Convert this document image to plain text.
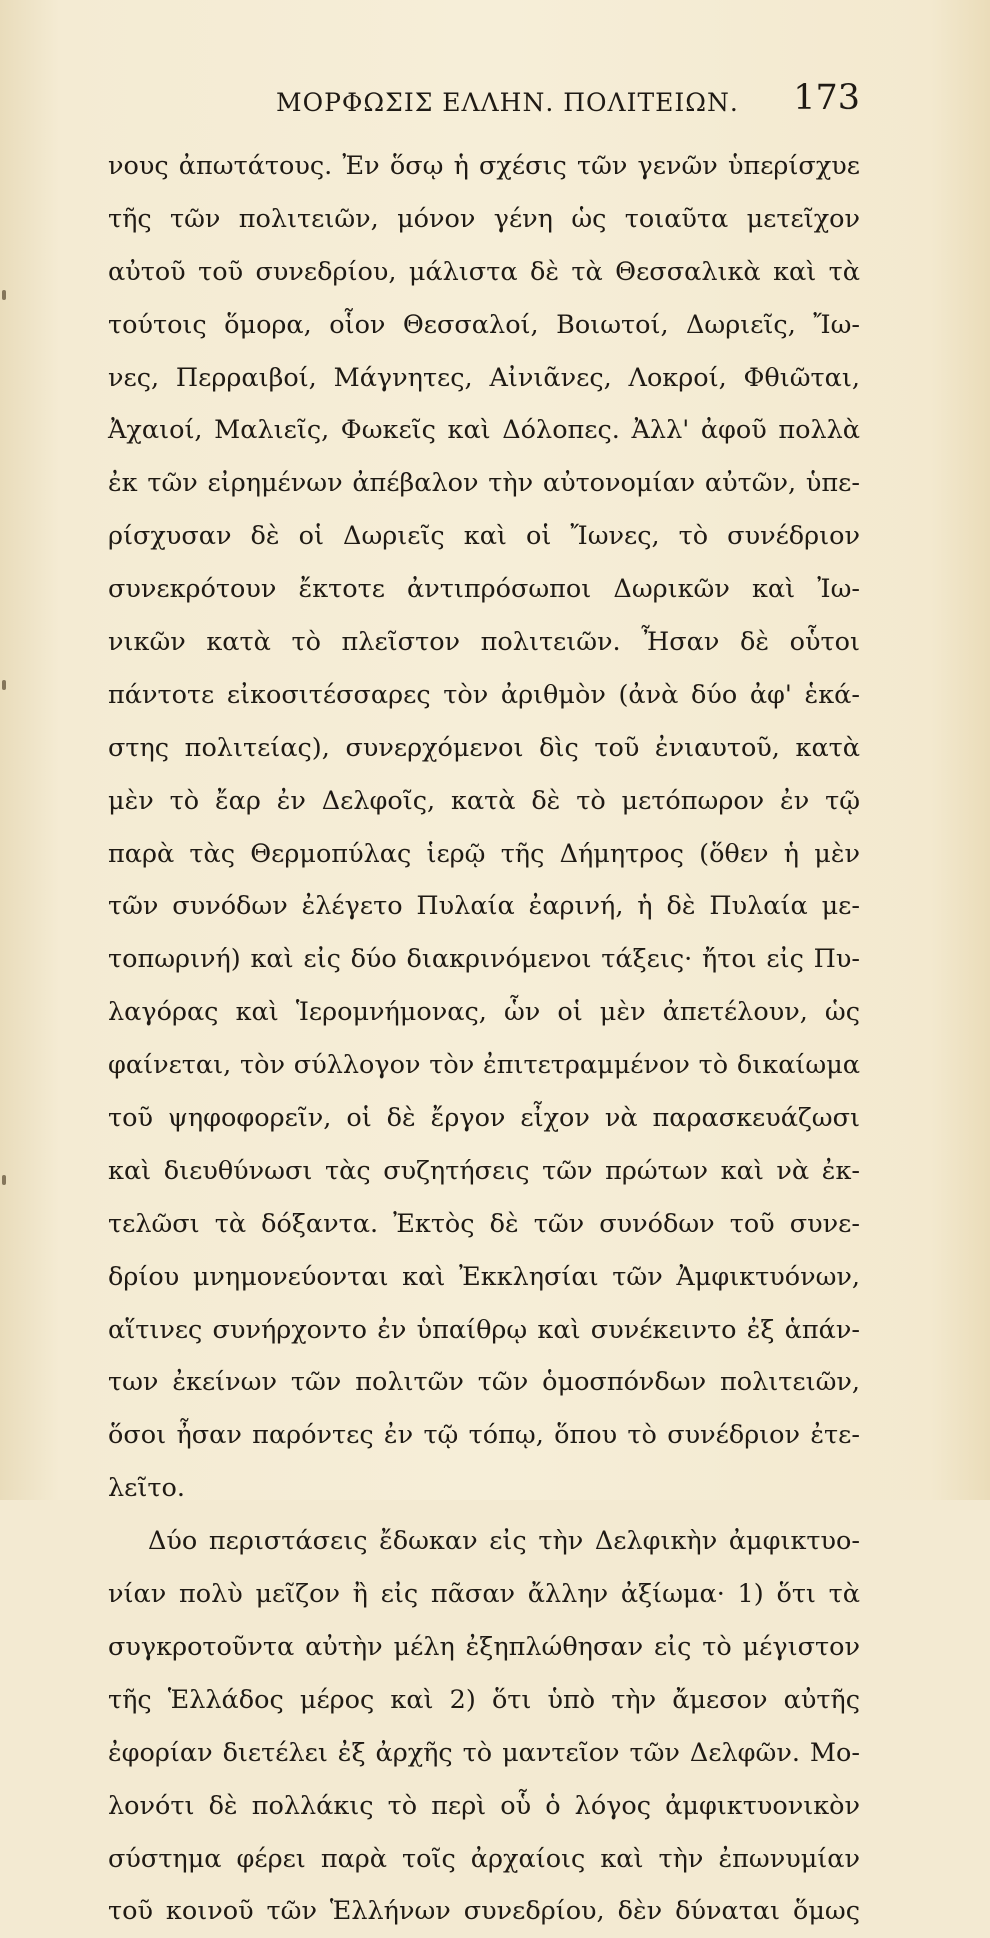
ΜΟΡΦΩΣΙΣ ΕΛΛΗΝ. ΠΟΛΙΤΕΙΩΝ. 173
νους ἀπωτάτους. Ἐν ὅσῳ ἡ σχέσις τῶν γενῶν ὑπερίσχυε
τῆς τῶν πολιτειῶν, μόνον γένη ὡς τοιαῦτα μετεῖχον
αὐτοῦ τοῦ συνεδρίου, μάλιστα δὲ τὰ Θεσσαλικὰ καὶ τὰ
τούτοις ὅμορα, οἷον Θεσσαλοί, Βοιωτοί, Δωριεῖς, Ἴω-
νες, Περραιβοί, Μάγνητες, Αἰνιᾶνες, Λοκροί, Φθιῶται,
Ἀχαιοί, Μαλιεῖς, Φωκεῖς καὶ Δόλοπες. Ἀλλ' ἀφοῦ πολλὰ
ἐκ τῶν εἰρημένων ἀπέβαλον τὴν αὐτονομίαν αὐτῶν, ὑπε-
ρίσχυσαν δὲ οἱ Δωριεῖς καὶ οἱ Ἴωνες, τὸ συνέδριον
συνεκρότουν ἔκτοτε ἀντιπρόσωποι Δωρικῶν καὶ Ἰω-
νικῶν κατὰ τὸ πλεῖστον πολιτειῶν. Ἦσαν δὲ οὗτοι
πάντοτε εἰκοσιτέσσαρες τὸν ἀριθμὸν (ἀνὰ δύο ἀφ' ἑκά-
στης πολιτείας), συνερχόμενοι δὶς τοῦ ἐνιαυτοῦ, κατὰ
μὲν τὸ ἔαρ ἐν Δελφοῖς, κατὰ δὲ τὸ μετόπωρον ἐν τῷ
παρὰ τὰς Θερμοπύλας ἱερῷ τῆς Δήμητρος (ὅθεν ἡ μὲν
τῶν συνόδων ἐλέγετο Πυλαία ἐαρινή, ἡ δὲ Πυλαία με-
τοπωρινή) καὶ εἰς δύο διακρινόμενοι τάξεις· ἤτοι εἰς Πυ-
λαγόρας καὶ Ἱερομνήμονας, ὧν οἱ μὲν ἀπετέλουν, ὡς
φαίνεται, τὸν σύλλογον τὸν ἐπιτετραμμένον τὸ δικαίωμα
τοῦ ψηφοφορεῖν, οἱ δὲ ἔργον εἶχον νὰ παρασκευάζωσι
καὶ διευθύνωσι τὰς συζητήσεις τῶν πρώτων καὶ νὰ ἐκ-
τελῶσι τὰ δόξαντα. Ἐκτὸς δὲ τῶν συνόδων τοῦ συνε-
δρίου μνημονεύονται καὶ Ἐκκλησίαι τῶν Ἀμφικτυόνων,
αἵτινες συνήρχοντο ἐν ὑπαίθρῳ καὶ συνέκειντο ἐξ ἁπάν-
των ἐκείνων τῶν πολιτῶν τῶν ὁμοσπόνδων πολιτειῶν,
ὅσοι ἦσαν παρόντες ἐν τῷ τόπῳ, ὅπου τὸ συνέδριον ἐτε-
λεῖτο.
Δύο περιστάσεις ἔδωκαν εἰς τὴν Δελφικὴν ἀμφικτυο-
νίαν πολὺ μεῖζον ἢ εἰς πᾶσαν ἄλλην ἀξίωμα· 1) ὅτι τὰ
συγκροτοῦντα αὐτὴν μέλη ἐξηπλώθησαν εἰς τὸ μέγιστον
τῆς Ἑλλάδος μέρος καὶ 2) ὅτι ὑπὸ τὴν ἄμεσον αὐτῆς
ἐφορίαν διετέλει ἐξ ἀρχῆς τὸ μαντεῖον τῶν Δελφῶν. Μο-
λονότι δὲ πολλάκις τὸ περὶ οὗ ὁ λόγος ἀμφικτυονικὸν
σύστημα φέρει παρὰ τοῖς ἀρχαίοις καὶ τὴν ἐπωνυμίαν
τοῦ κοινοῦ τῶν Ἑλλήνων συνεδρίου, δὲν δύναται ὅμως
